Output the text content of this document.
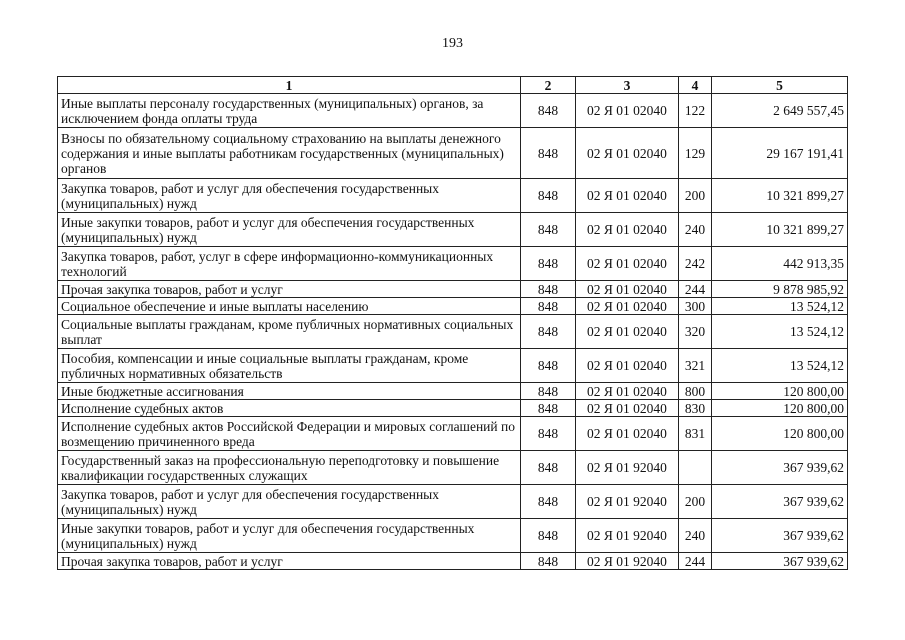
193
1	2	3	4	5
Иные выплаты персоналу государственных (муниципальных) органов, за исключением фонда оплаты труда	848	02 Я 01 02040	122	2 649 557,45
Взносы по обязательному социальному страхованию на выплаты денежного содержания и иные выплаты работникам государственных (муниципальных) органов	848	02 Я 01 02040	129	29 167 191,41
Закупка товаров, работ и услуг для обеспечения государственных (муниципальных) нужд	848	02 Я 01 02040	200	10 321 899,27
Иные закупки товаров, работ и услуг для обеспечения государственных (муниципальных) нужд	848	02 Я 01 02040	240	10 321 899,27
Закупка товаров, работ, услуг в сфере информационно-коммуникационных технологий	848	02 Я 01 02040	242	442 913,35
Прочая закупка товаров, работ и услуг	848	02 Я 01 02040	244	9 878 985,92
Социальное обеспечение и иные выплаты населению	848	02 Я 01 02040	300	13 524,12
Социальные выплаты гражданам, кроме публичных нормативных социальных выплат	848	02 Я 01 02040	320	13 524,12
Пособия, компенсации и иные социальные выплаты гражданам, кроме публичных нормативных обязательств	848	02 Я 01 02040	321	13 524,12
Иные бюджетные ассигнования	848	02 Я 01 02040	800	120 800,00
Исполнение судебных актов	848	02 Я 01 02040	830	120 800,00
Исполнение судебных актов Российской Федерации и мировых соглашений по возмещению причиненного вреда	848	02 Я 01 02040	831	120 800,00
Государственный заказ на профессиональную переподготовку и повышение квалификации государственных служащих	848	02 Я 01 92040		367 939,62
Закупка товаров, работ и услуг для обеспечения государственных (муниципальных) нужд	848	02 Я 01 92040	200	367 939,62
Иные закупки товаров, работ и услуг для обеспечения государственных (муниципальных) нужд	848	02 Я 01 92040	240	367 939,62
Прочая закупка товаров, работ и услуг	848	02 Я 01 92040	244	367 939,62
